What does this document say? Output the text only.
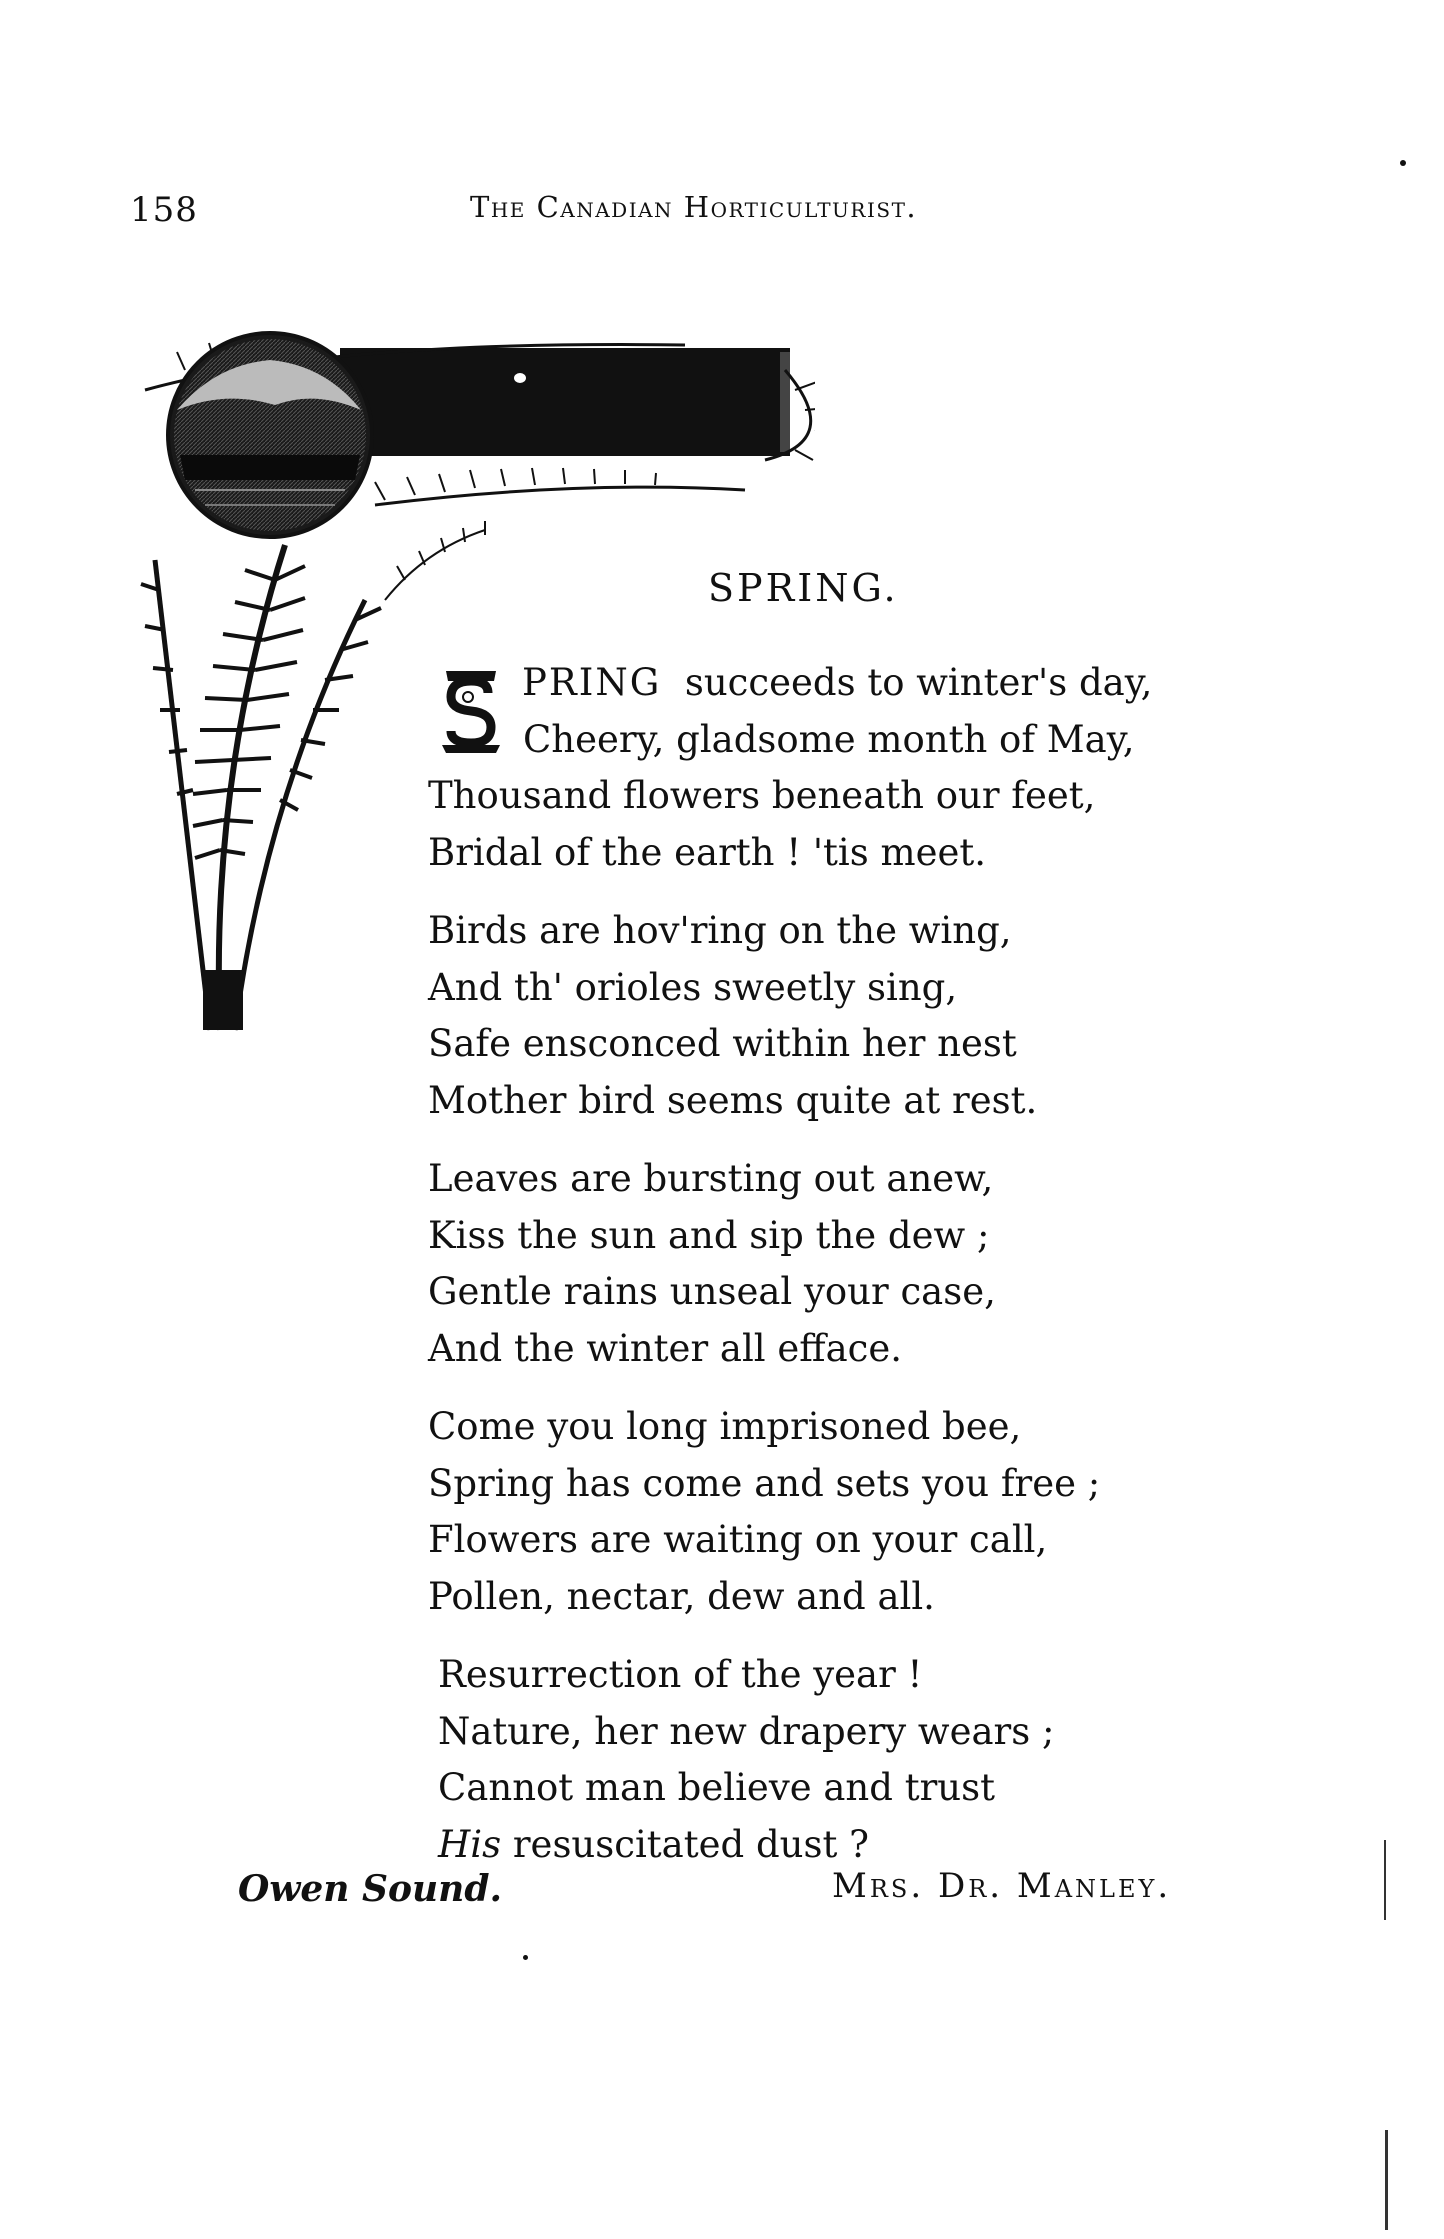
158	The Canadian Horticulturist.
SPRING.
PRING succeeds to winter's day,
Cheery, gladsome month of May,
Thousand flowers beneath our feet,
Bridal of the earth ! 'tis meet.
Birds are hov'ring on the wing,
And th' orioles sweetly sing,
Safe ensconced within her nest
Mother bird seems quite at rest.
Leaves are bursting out anew,
Kiss the sun and sip the dew ;
Gentle rains unseal your case,
And the winter all efface.
Come you long imprisoned bee,
Spring has come and sets you free ;
Flowers are waiting on your call,
Pollen, nectar, dew and all.
Resurrection of the year !
Nature, her new drapery wears ;
Cannot man believe and trust
His resuscitated dust ?
Owen Sound.	Mrs. Dr. Manley.
